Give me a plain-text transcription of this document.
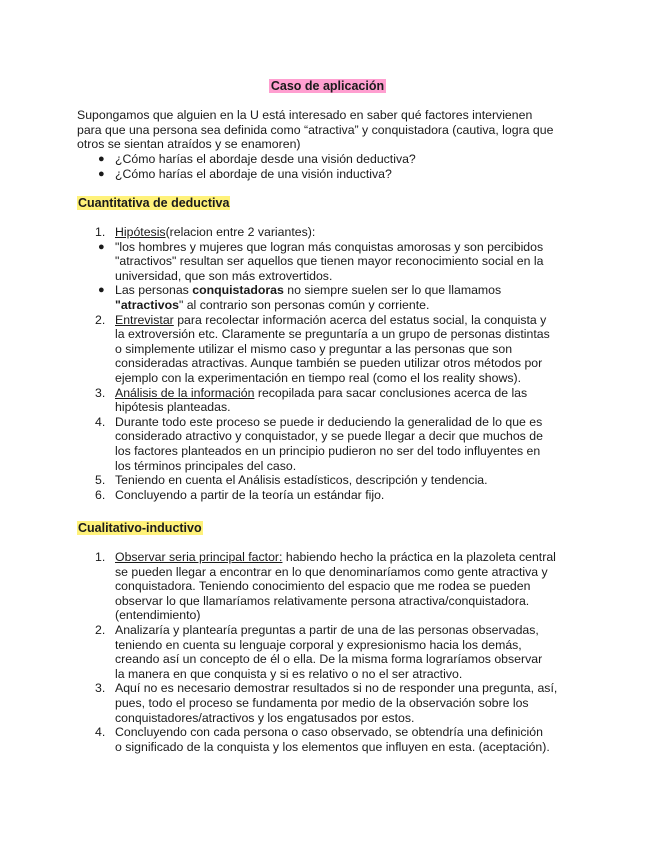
Caso de aplicación
Supongamos que alguien en la U está interesado en saber qué factores intervienen
para que una persona sea definida como “atractiva” y conquistadora (cautiva, logra que
otros se sientan atraídos y se enamoren)
● ¿Cómo harías el abordaje desde una visión deductiva?
● ¿Cómo harías el abordaje de una visión inductiva?
Cuantitativa de deductiva
1. Hipótesis(relacion entre 2 variantes):
● "los hombres y mujeres que logran más conquistas amorosas y son percibidos
"atractivos" resultan ser aquellos que tienen mayor reconocimiento social en la
universidad, que son más extrovertidos.
● Las personas conquistadoras no siempre suelen ser lo que llamamos
"atractivos" al contrario son personas común y corriente.
2. Entrevistar para recolectar información acerca del estatus social, la conquista y
la extroversión etc. Claramente se preguntaría a un grupo de personas distintas
o simplemente utilizar el mismo caso y preguntar a las personas que son
consideradas atractivas. Aunque también se pueden utilizar otros métodos por
ejemplo con la experimentación en tiempo real (como el los reality shows).
3. Análisis de la información recopilada para sacar conclusiones acerca de las
hipótesis planteadas.
4. Durante todo este proceso se puede ir deduciendo la generalidad de lo que es
considerado atractivo y conquistador, y se puede llegar a decir que muchos de
los factores planteados en un principio pudieron no ser del todo influyentes en
los términos principales del caso.
5. Teniendo en cuenta el Análisis estadísticos, descripción y tendencia.
6. Concluyendo a partir de la teoría un estándar fijo.
Cualitativo-inductivo
1. Observar seria principal factor: habiendo hecho la práctica en la plazoleta central
se pueden llegar a encontrar en lo que denominaríamos como gente atractiva y
conquistadora. Teniendo conocimiento del espacio que me rodea se pueden
observar lo que llamaríamos relativamente persona atractiva/conquistadora.
(entendimiento)
2. Analizaría y plantearía preguntas a partir de una de las personas observadas,
teniendo en cuenta su lenguaje corporal y expresionismo hacia los demás,
creando así un concepto de él o ella. De la misma forma lograríamos observar
la manera en que conquista y si es relativo o no el ser atractivo.
3. Aquí no es necesario demostrar resultados si no de responder una pregunta, así,
pues, todo el proceso se fundamenta por medio de la observación sobre los
conquistadores/atractivos y los engatusados por estos.
4. Concluyendo con cada persona o caso observado, se obtendría una definición
o significado de la conquista y los elementos que influyen en esta. (aceptación).
